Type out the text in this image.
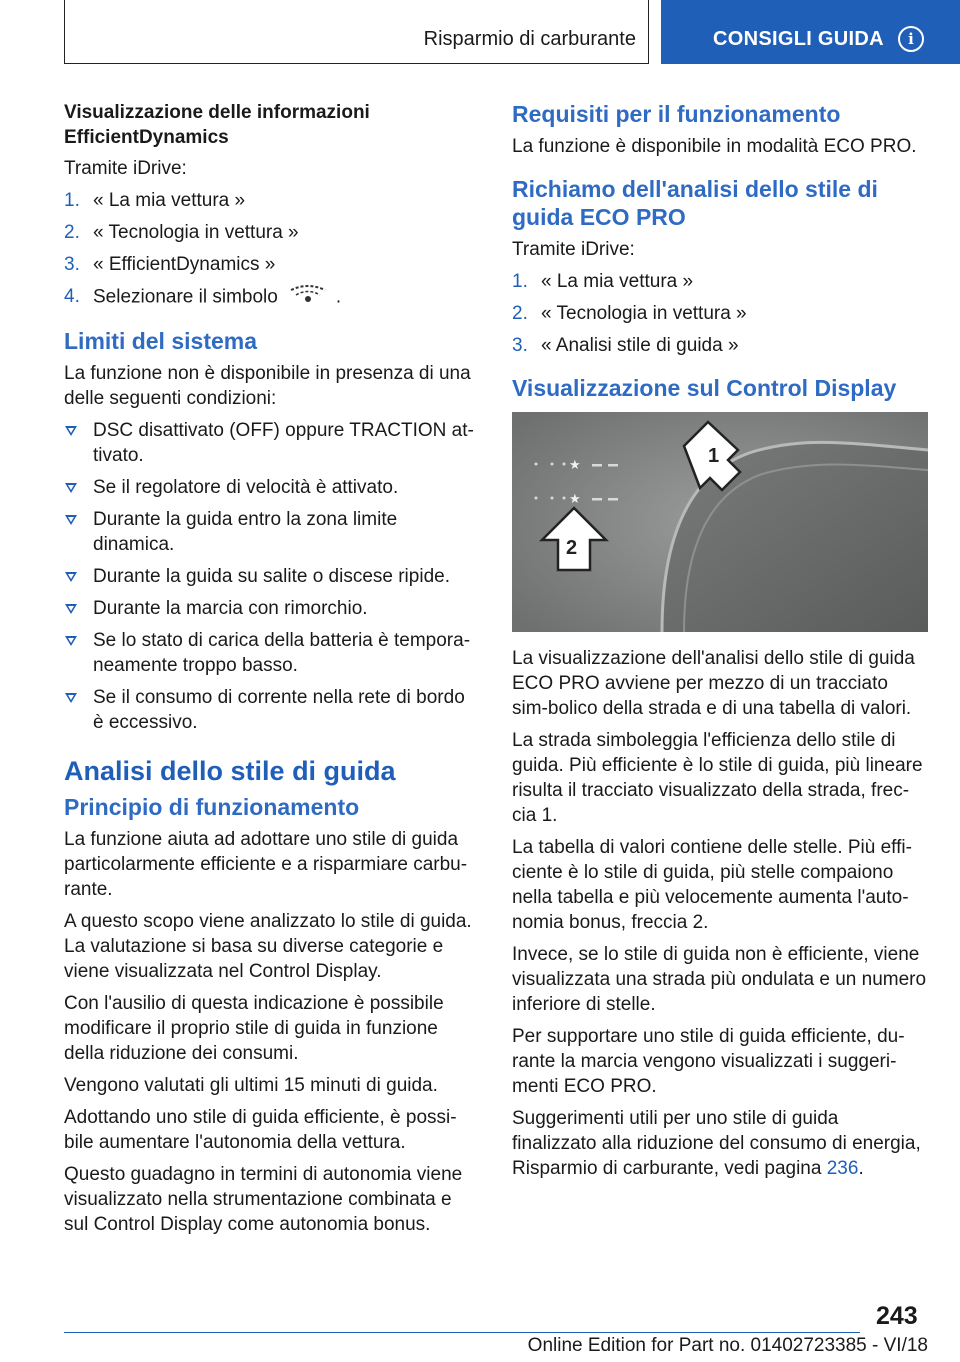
Risparmio di carburante	CONSIGLI GUIDA	i
Visualizzazione delle informazioni EfficientDynamics

Tramite iDrive:

1. « La mia vettura »
2. « Tecnologia in vettura »
3. « EfficientDynamics »
4. Selezionare il simbolo	.
Limiti del sistema

La funzione non è disponibile in presenza di una delle seguenti condizioni:

DSC disattivato (OFF) oppure TRACTION at-tivato.
Se il regolatore di velocità è attivato.
Durante la guida entro la zona limite dinamica.
Durante la guida su salite o discese ripide.
Durante la marcia con rimorchio.
Se lo stato di carica della batteria è tempora-neamente troppo basso.
Se il consumo di corrente nella rete di bordo è eccessivo.
Analisi dello stile di guida
Principio di funzionamento

La funzione aiuta ad adottare uno stile di guida particolarmente efficiente e a risparmiare carbu-rante.

A questo scopo viene analizzato lo stile di guida. La valutazione si basa su diverse categorie e viene visualizzata nel Control Display.

Con l'ausilio di questa indicazione è possibile modificare il proprio stile di guida in funzione della riduzione dei consumi.

Vengono valutati gli ultimi 15 minuti di guida.

Adottando uno stile di guida efficiente, è possi-bile aumentare l'autonomia della vettura.

Questo guadagno in termini di autonomia viene visualizzato nella strumentazione combinata e sul Control Display come autonomia bonus.

Requisiti per il funzionamento

La funzione è disponibile in modalità ECO PRO.

Richiamo dell'analisi dello stile di guida ECO PRO

Tramite iDrive:

1. « La mia vettura »
2. « Tecnologia in vettura »
3. « Analisi stile di guida »
Visualizzazione sul Control Display
★
★
1
2

La visualizzazione dell'analisi dello stile di guida ECO PRO avviene per mezzo di un tracciato sim-bolico della strada e di una tabella di valori.

La strada simboleggia l'efficienza dello stile di guida. Più efficiente è lo stile di guida, più lineare risulta il tracciato visualizzato della strada, frec-cia 1.

La tabella di valori contiene delle stelle. Più effi-ciente è lo stile di guida, più stelle compaiono nella tabella e più velocemente aumenta l'auto-nomia bonus, freccia 2.

Invece, se lo stile di guida non è efficiente, viene visualizzata una strada più ondulata e un numero inferiore di stelle.

Per supportare uno stile di guida efficiente, du-rante la marcia vengono visualizzati i suggeri-menti ECO PRO.

Suggerimenti utili per uno stile di guida finalizzato alla riduzione del consumo di energia, Risparmio di carburante, vedi pagina 236.

243
Online Edition for Part no. 01402723385 - VI/18
